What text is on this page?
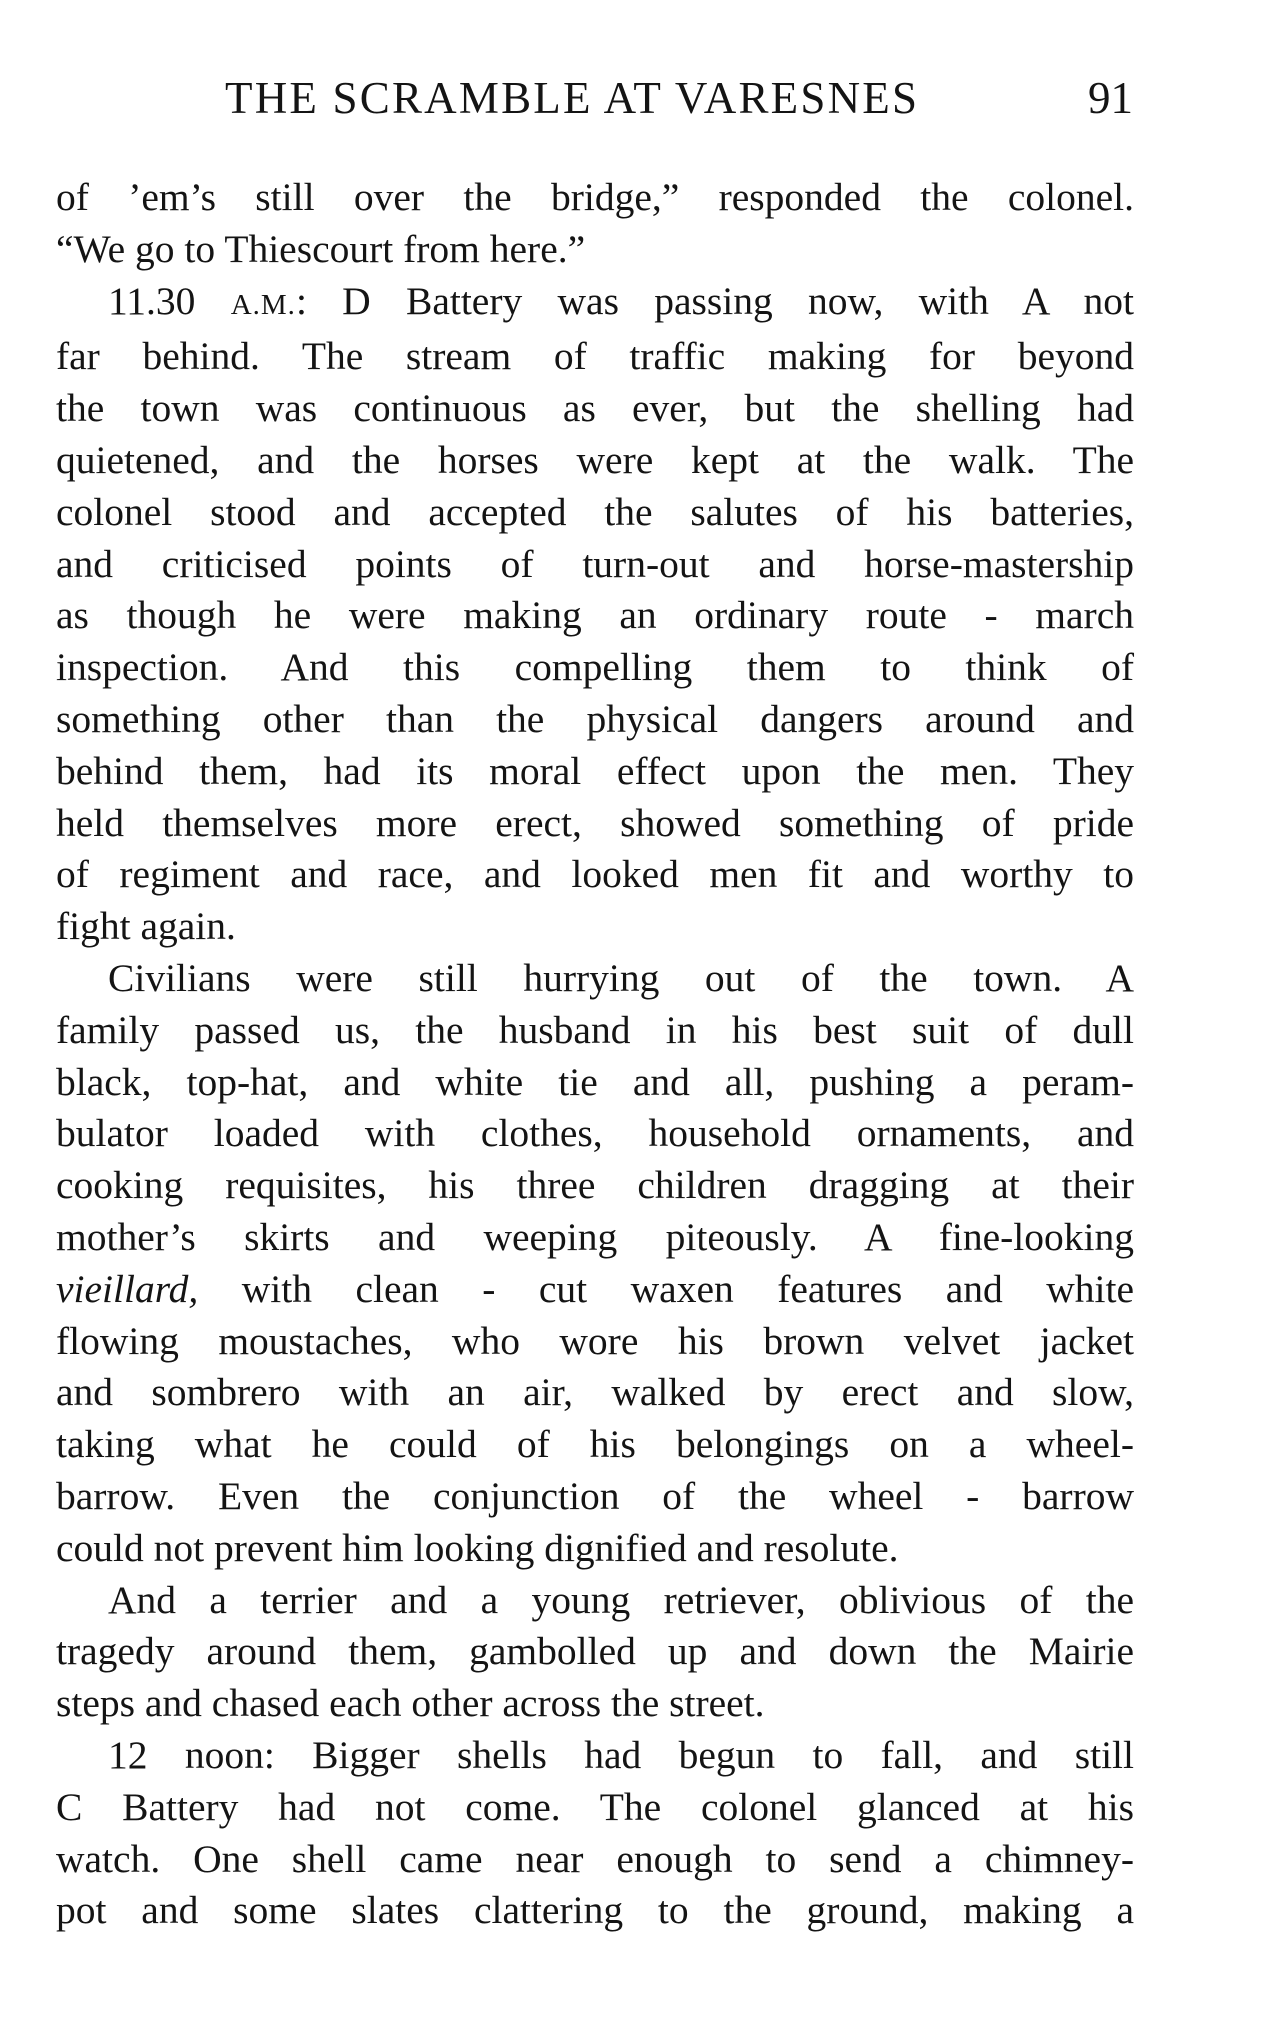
THE SCRAMBLE AT VARESNES	91

of ’em’s still over the bridge,” responded the colonel.

“We go to Thiescourt from here.”

11.30 A.M.: D Battery was passing now, with A not

far behind. The stream of traffic making for beyond

the town was continuous as ever, but the shelling had

quietened, and the horses were kept at the walk. The

colonel stood and accepted the salutes of his batteries,

and criticised points of turn-out and horse-mastership

as though he were making an ordinary route - march

inspection. And this compelling them to think of

something other than the physical dangers around and

behind them, had its moral effect upon the men. They

held themselves more erect, showed something of pride

of regiment and race, and looked men fit and worthy to

fight again.

Civilians were still hurrying out of the town. A

family passed us, the husband in his best suit of dull

black, top-hat, and white tie and all, pushing a peram-

bulator loaded with clothes, household ornaments, and

cooking requisites, his three children dragging at their

mother’s skirts and weeping piteously. A fine-looking

vieillard, with clean - cut waxen features and white

flowing moustaches, who wore his brown velvet jacket

and sombrero with an air, walked by erect and slow,

taking what he could of his belongings on a wheel-

barrow. Even the conjunction of the wheel - barrow

could not prevent him looking dignified and resolute.

And a terrier and a young retriever, oblivious of the

tragedy around them, gambolled up and down the Mairie

steps and chased each other across the street.

12 noon: Bigger shells had begun to fall, and still

C Battery had not come. The colonel glanced at his

watch. One shell came near enough to send a chimney-

pot and some slates clattering to the ground, making a
